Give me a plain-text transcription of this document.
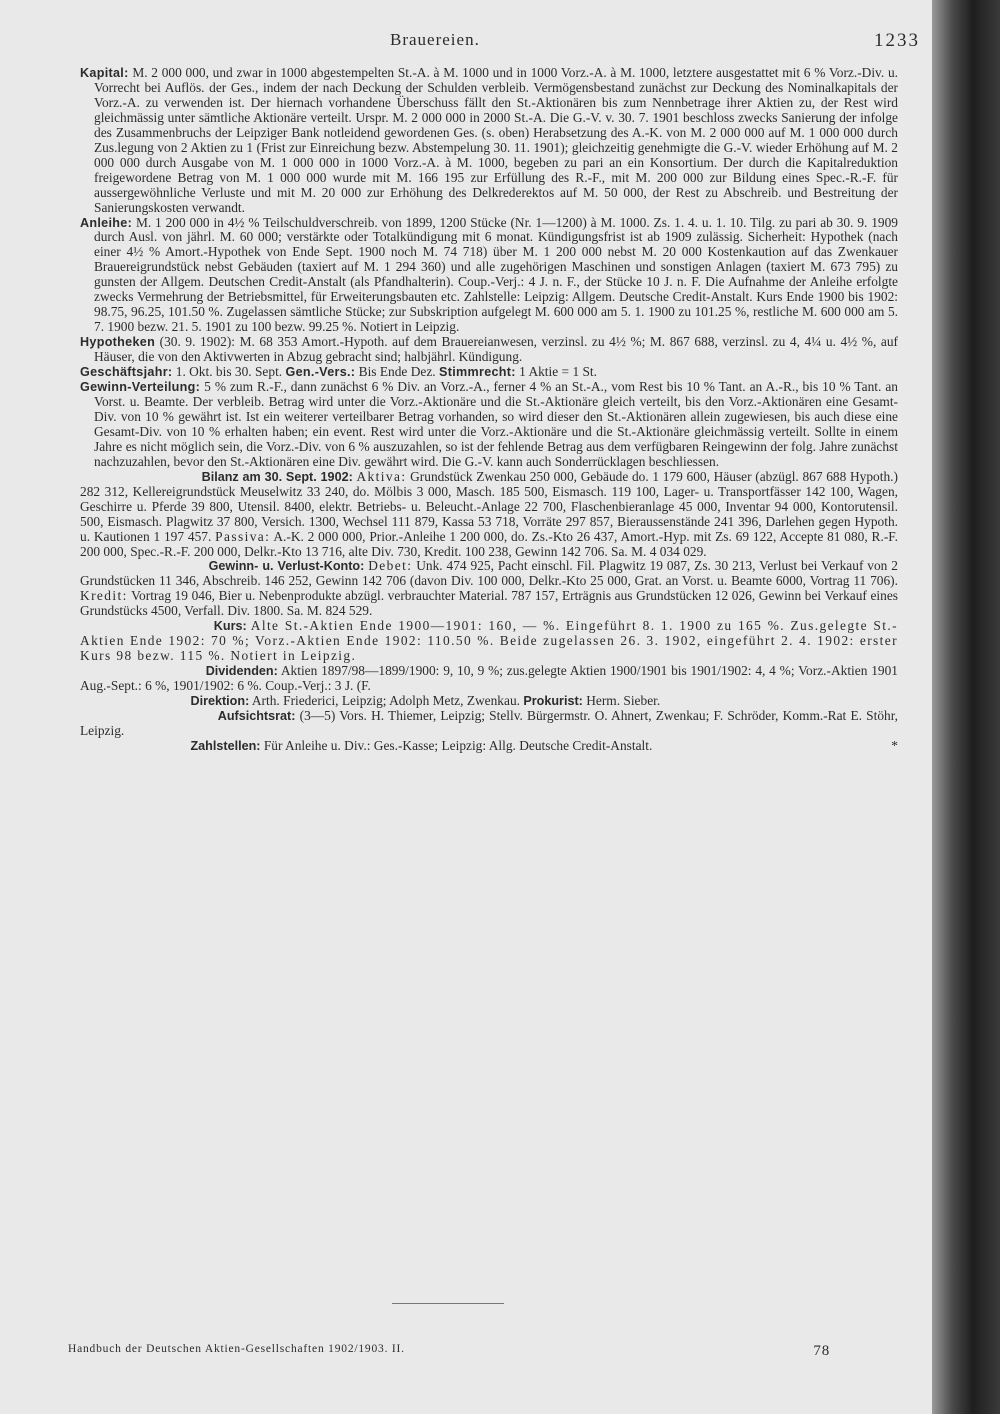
Brauereien.	1233

Kapital: M. 2 000 000, und zwar in 1000 abgestempelten St.-A. à M. 1000 und in 1000 Vorz.-A. à M. 1000, letztere ausgestattet mit 6 % Vorz.-Div. u. Vorrecht bei Auflös. der Ges., indem der nach Deckung der Schulden verbleib. Vermögensbestand zunächst zur Deckung des Nominalkapitals der Vorz.-A. zu verwenden ist. Der hiernach vorhandene Überschuss fällt den St.-Aktionären bis zum Nennbetrage ihrer Aktien zu, der Rest wird gleichmässig unter sämtliche Aktionäre verteilt. Urspr. M. 2 000 000 in 2000 St.-A. Die G.-V. v. 30. 7. 1901 beschloss zwecks Sanierung der infolge des Zusammenbruchs der Leipziger Bank notleidend gewordenen Ges. (s. oben) Herabsetzung des A.-K. von M. 2 000 000 auf M. 1 000 000 durch Zus.legung von 2 Aktien zu 1 (Frist zur Einreichung bezw. Abstempelung 30. 11. 1901); gleichzeitig genehmigte die G.-V. wieder Erhöhung auf M. 2 000 000 durch Ausgabe von M. 1 000 000 in 1000 Vorz.-A. à M. 1000, begeben zu pari an ein Konsortium. Der durch die Kapitalreduktion freigewordene Betrag von M. 1 000 000 wurde mit M. 166 195 zur Erfüllung des R.-F., mit M. 200 000 zur Bildung eines Spec.-R.-F. für aussergewöhnliche Verluste und mit M. 20 000 zur Erhöhung des Delkrederektos auf M. 50 000, der Rest zu Abschreib. und Bestreitung der Sanierungskosten verwandt.

Anleihe: M. 1 200 000 in 4½ % Teilschuldverschreib. von 1899, 1200 Stücke (Nr. 1—1200) à M. 1000. Zs. 1. 4. u. 1. 10. Tilg. zu pari ab 30. 9. 1909 durch Ausl. von jährl. M. 60 000; verstärkte oder Totalkündigung mit 6 monat. Kündigungsfrist ist ab 1909 zulässig. Sicherheit: Hypothek (nach einer 4½ % Amort.-Hypothek von Ende Sept. 1900 noch M. 74 718) über M. 1 200 000 nebst M. 20 000 Kostenkaution auf das Zwenkauer Brauereigrundstück nebst Gebäuden (taxiert auf M. 1 294 360) und alle zugehörigen Maschinen und sonstigen Anlagen (taxiert M. 673 795) zu gunsten der Allgem. Deutschen Credit-Anstalt (als Pfandhalterin). Coup.-Verj.: 4 J. n. F., der Stücke 10 J. n. F. Die Aufnahme der Anleihe erfolgte zwecks Vermehrung der Betriebsmittel, für Erweiterungsbauten etc. Zahlstelle: Leipzig: Allgem. Deutsche Credit-Anstalt. Kurs Ende 1900 bis 1902: 98.75, 96.25, 101.50 %. Zugelassen sämtliche Stücke; zur Subskription aufgelegt M. 600 000 am 5. 1. 1900 zu 101.25 %, restliche M. 600 000 am 5. 7. 1900 bezw. 21. 5. 1901 zu 100 bezw. 99.25 %. Notiert in Leipzig.

Hypotheken (30. 9. 1902): M. 68 353 Amort.-Hypoth. auf dem Brauereianwesen, verzinsl. zu 4½ %; M. 867 688, verzinsl. zu 4, 4¼ u. 4½ %, auf Häuser, die von den Aktivwerten in Abzug gebracht sind; halbjährl. Kündigung.

Geschäftsjahr: 1. Okt. bis 30. Sept. Gen.-Vers.: Bis Ende Dez. Stimmrecht: 1 Aktie = 1 St.

Gewinn-Verteilung: 5 % zum R.-F., dann zunächst 6 % Div. an Vorz.-A., ferner 4 % an St.-A., vom Rest bis 10 % Tant. an A.-R., bis 10 % Tant. an Vorst. u. Beamte. Der verbleib. Betrag wird unter die Vorz.-Aktionäre und die St.-Aktionäre gleich verteilt, bis den Vorz.-Aktionären eine Gesamt-Div. von 10 % gewährt ist. Ist ein weiterer verteilbarer Betrag vorhanden, so wird dieser den St.-Aktionären allein zugewiesen, bis auch diese eine Gesamt-Div. von 10 % erhalten haben; ein event. Rest wird unter die Vorz.-Aktionäre und die St.-Aktionäre gleichmässig verteilt. Sollte in einem Jahre es nicht möglich sein, die Vorz.-Div. von 6 % auszuzahlen, so ist der fehlende Betrag aus dem verfügbaren Reingewinn der folg. Jahre zunächst nachzuzahlen, bevor den St.-Aktionären eine Div. gewährt wird. Die G.-V. kann auch Sonderrücklagen beschliessen.

Bilanz am 30. Sept. 1902: Aktiva: Grundstück Zwenkau 250 000, Gebäude do. 1 179 600, Häuser (abzügl. 867 688 Hypoth.) 282 312, Kellereigrundstück Meuselwitz 33 240, do. Mölbis 3 000, Masch. 185 500, Eismasch. 119 100, Lager- u. Transportfässer 142 100, Wagen, Geschirre u. Pferde 39 800, Utensil. 8400, elektr. Betriebs- u. Beleucht.-Anlage 22 700, Flaschenbieranlage 45 000, Inventar 94 000, Kontorutensil. 500, Eismasch. Plagwitz 37 800, Versich. 1300, Wechsel 111 879, Kassa 53 718, Vorräte 297 857, Bieraussenstände 241 396, Darlehen gegen Hypoth. u. Kautionen 1 197 457. Passiva: A.-K. 2 000 000, Prior.-Anleihe 1 200 000, do. Zs.-Kto 26 437, Amort.-Hyp. mit Zs. 69 122, Accepte 81 080, R.-F. 200 000, Spec.-R.-F. 200 000, Delkr.-Kto 13 716, alte Div. 730, Kredit. 100 238, Gewinn 142 706. Sa. M. 4 034 029.

Gewinn- u. Verlust-Konto: Debet: Unk. 474 925, Pacht einschl. Fil. Plagwitz 19 087, Zs. 30 213, Verlust bei Verkauf von 2 Grundstücken 11 346, Abschreib. 146 252, Gewinn 142 706 (davon Div. 100 000, Delkr.-Kto 25 000, Grat. an Vorst. u. Beamte 6000, Vortrag 11 706). Kredit: Vortrag 19 046, Bier u. Nebenprodukte abzügl. verbrauchter Material. 787 157, Erträgnis aus Grundstücken 12 026, Gewinn bei Verkauf eines Grundstücks 4500, Verfall. Div. 1800. Sa. M. 824 529.

Kurs: Alte St.-Aktien Ende 1900—1901: 160, — %. Eingeführt 8. 1. 1900 zu 165 %. Zus.gelegte St.-Aktien Ende 1902: 70 %; Vorz.-Aktien Ende 1902: 110.50 %. Beide zugelassen 26. 3. 1902, eingeführt 2. 4. 1902: erster Kurs 98 bezw. 115 %. Notiert in Leipzig.

Dividenden: Aktien 1897/98—1899/1900: 9, 10, 9 %; zus.gelegte Aktien 1900/1901 bis 1901/1902: 4, 4 %; Vorz.-Aktien 1901 Aug.-Sept.: 6 %, 1901/1902: 6 %. Coup.-Verj.: 3 J. (F.

Direktion: Arth. Friederici, Leipzig; Adolph Metz, Zwenkau. Prokurist: Herm. Sieber.

Aufsichtsrat: (3—5) Vors. H. Thiemer, Leipzig; Stellv. Bürgermstr. O. Ahnert, Zwenkau; F. Schröder, Komm.-Rat E. Stöhr, Leipzig.

Zahlstellen: Für Anleihe u. Div.: Ges.-Kasse; Leipzig: Allg. Deutsche Credit-Anstalt.	*

Handbuch der Deutschen Aktien-Gesellschaften 1902/1903. II.	78
